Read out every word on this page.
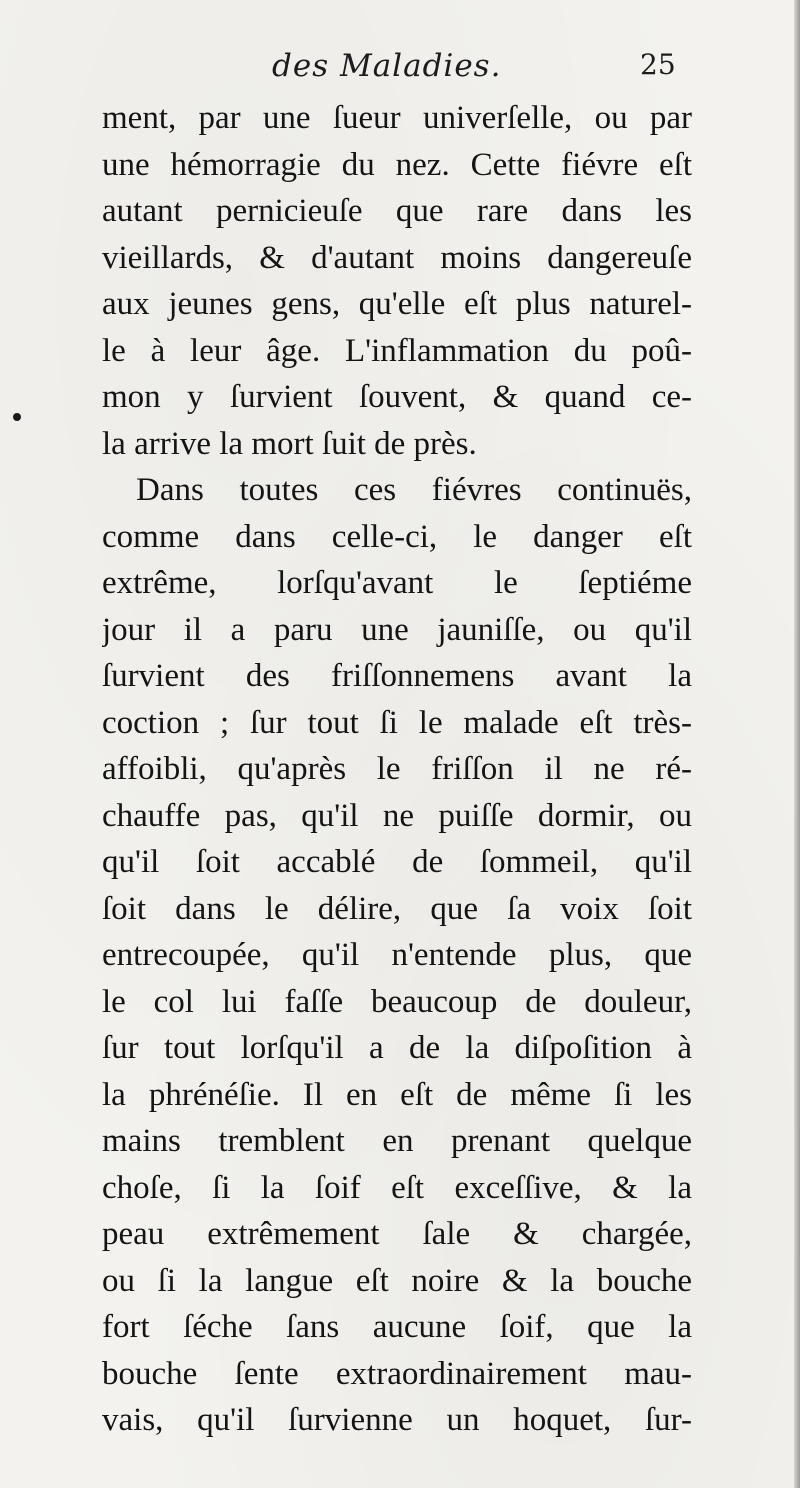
des Maladies.	25
ment, par une ſueur univerſelle, ou par
une hémorragie du nez. Cette fiévre eſt
autant pernicieuſe que rare dans les
vieillards, & d'autant moins dangereuſe
aux jeunes gens, qu'elle eſt plus naturel-
le à leur âge. L'inflammation du poû-
mon y ſurvient ſouvent, & quand ce-
la arrive la mort ſuit de près.
Dans toutes ces fiévres continuës,
comme dans celle-ci, le danger eſt
extrême, lorſqu'avant le ſeptiéme
jour il a paru une jauniſſe, ou qu'il
ſurvient des friſſonnemens avant la
coction ; ſur tout ſi le malade eſt très-
affoibli, qu'après le friſſon il ne ré-
chauffe pas, qu'il ne puiſſe dormir, ou
qu'il ſoit accablé de ſommeil, qu'il
ſoit dans le délire, que ſa voix ſoit
entrecoupée, qu'il n'entende plus, que
le col lui faſſe beaucoup de douleur,
ſur tout lorſqu'il a de la diſpoſition à
la phrénéſie. Il en eſt de même ſi les
mains tremblent en prenant quelque
choſe, ſi la ſoif eſt exceſſive, & la
peau extrêmement ſale & chargée,
ou ſi la langue eſt noire & la bouche
fort ſéche ſans aucune ſoif, que la
bouche ſente extraordinairement mau-
vais, qu'il ſurvienne un hoquet, ſur-
